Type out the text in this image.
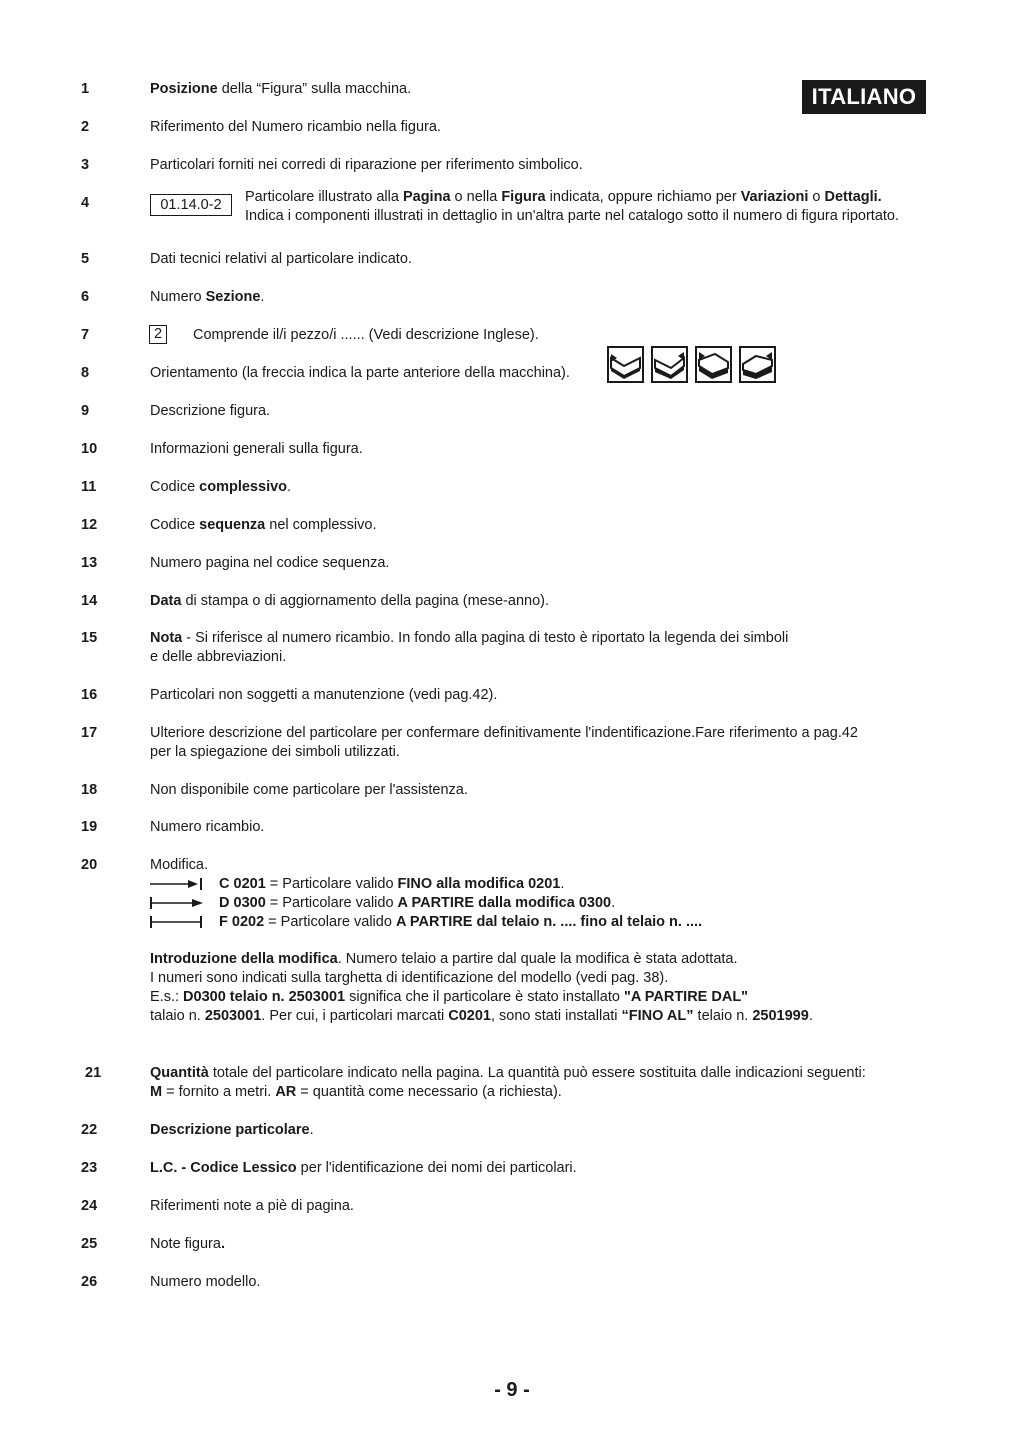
ITALIANO
1	Posizione della “Figura” sulla macchina.
2	Riferimento del Numero ricambio nella figura.
3	Particolari forniti nei corredi di riparazione per riferimento simbolico.
4	01.14.0-2	Particolare illustrato alla Pagina o nella Figura indicata, oppure richiamo per Variazioni o Dettagli.
Indica i componenti illustrati in dettaglio in un'altra parte nel catalogo sotto il numero di figura riportato.
5	Dati tecnici relativi al particolare indicato.
6	Numero Sezione.
7	2	Comprende il/i pezzo/i ...... (Vedi descrizione Inglese).
8	Orientamento (la freccia indica la parte anteriore della macchina).
9	Descrizione figura.
10	Informazioni generali sulla figura.
11	Codice complessivo.
12	Codice sequenza nel complessivo.
13	Numero pagina nel codice sequenza.
14	Data di stampa o di aggiornamento della pagina (mese-anno).
15	Nota - Si riferisce al numero ricambio. In fondo alla pagina di testo è riportato la legenda dei simboli
e delle abbreviazioni.
16	Particolari non soggetti a manutenzione (vedi pag.42).
17	Ulteriore descrizione del particolare per confermare definitivamente l'indentificazione.Fare riferimento a pag.42
per la spiegazione dei simboli utilizzati.
18	Non disponibile come particolare per l'assistenza.
19	Numero ricambio.
20	Modifica.
C 0201 = Particolare valido FINO alla modifica 0201.
D 0300 = Particolare valido A PARTIRE dalla modifica 0300.
F 0202 = Particolare valido A PARTIRE dal telaio n. .... fino al telaio n. ....
Introduzione della modifica. Numero telaio a partire dal quale la modifica è stata adottata.
I numeri sono indicati sulla targhetta di identificazione del modello (vedi pag. 38).
E.s.: D0300 telaio n. 2503001 significa che il particolare è stato installato "A PARTIRE DAL"
talaio n. 2503001. Per cui, i particolari marcati C0201, sono stati installati “FINO AL” telaio n. 2501999.
21	Quantità totale del particolare indicato nella pagina. La quantità può essere sostituita dalle indicazioni seguenti:
M = fornito a metri. AR = quantità come necessario (a richiesta).
22	Descrizione particolare.
23	L.C. - Codice Lessico per l'identificazione dei nomi dei particolari.
24	Riferimenti note a piè di pagina.
25	Note figura.
26	Numero modello.
- 9 -
